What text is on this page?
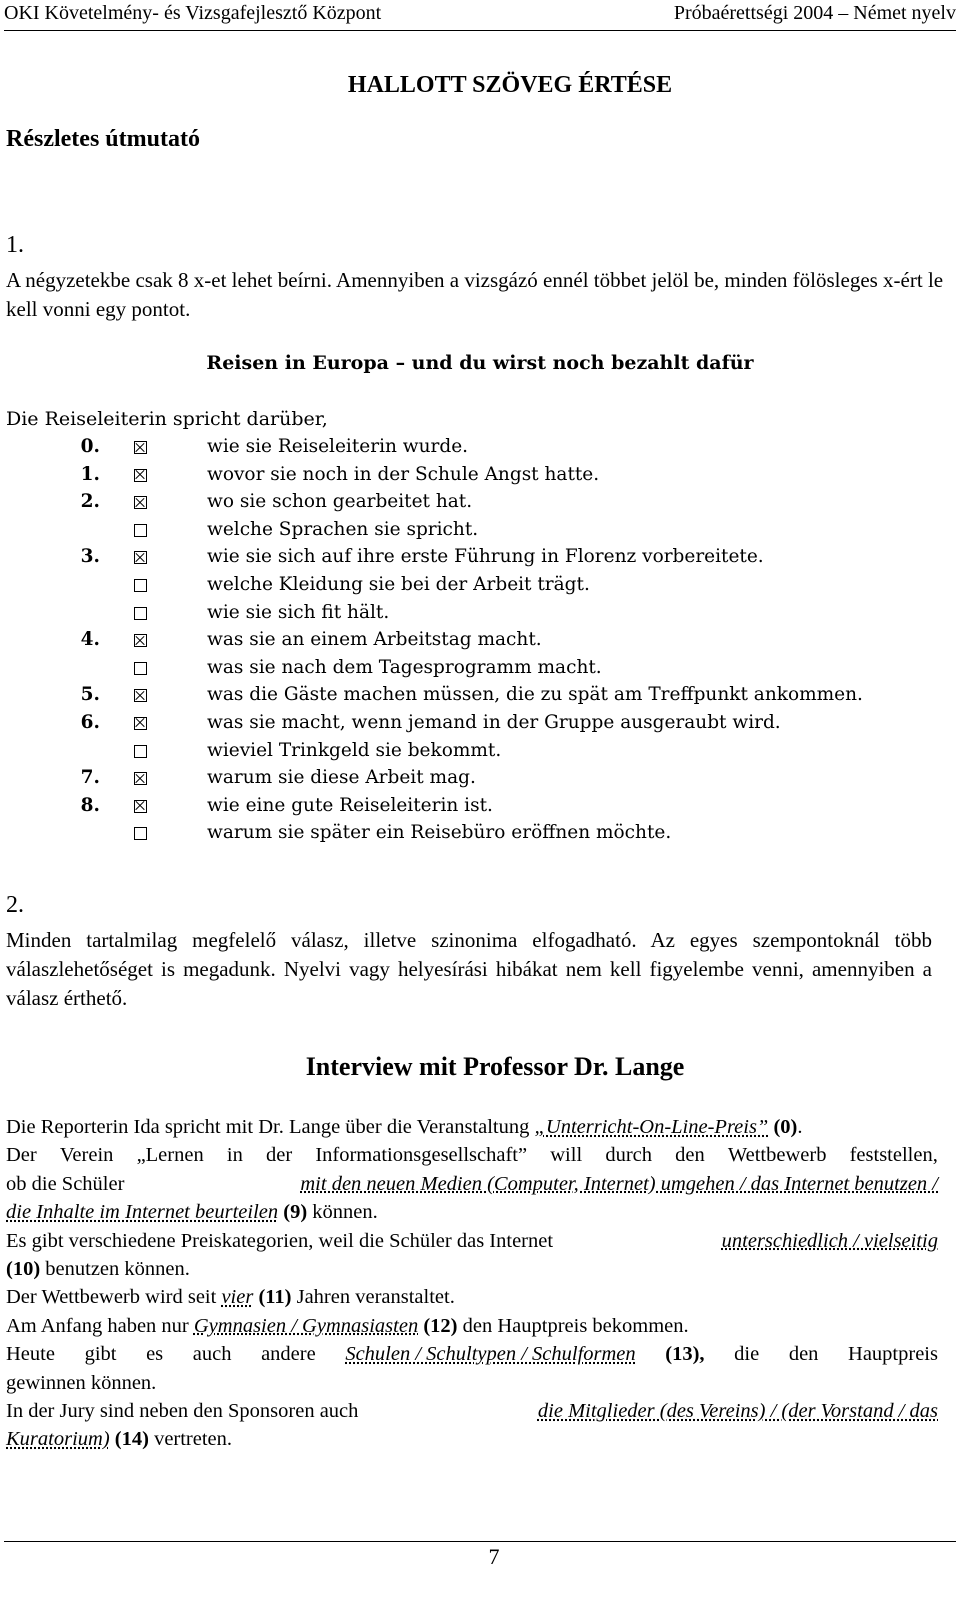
OKI Követelmény- és Vizsgafejlesztő Központ	Próbaérettségi 2004 – Német nyelv
HALLOTT SZÖVEG ÉRTÉSE
Részletes útmutató
1.
A négyzetekbe csak 8 x-et lehet beírni. Amennyiben a vizsgázó ennél többet jelöl be, minden fölösleges x-ért le kell vonni egy pontot.
Reisen in Europa – und du wirst noch bezahlt dafür
Die Reiseleiterin spricht darüber,
0.	wie sie Reiseleiterin wurde.
1.	wovor sie noch in der Schule Angst hatte.
2.	wo sie schon gearbeitet hat.
welche Sprachen sie spricht.
3.	wie sie sich auf ihre erste Führung in Florenz vorbereitete.
welche Kleidung sie bei der Arbeit trägt.
wie sie sich fit hält.
4.	was sie an einem Arbeitstag macht.
was sie nach dem Tagesprogramm macht.
5.	was die Gäste machen müssen, die zu spät am Treffpunkt ankommen.
6.	was sie macht, wenn jemand in der Gruppe ausgeraubt wird.
wieviel Trinkgeld sie bekommt.
7.	warum sie diese Arbeit mag.
8.	wie eine gute Reiseleiterin ist.
warum sie später ein Reisebüro eröffnen möchte.
2.
Minden tartalmilag megfelelő válasz, illetve szinonima elfogadható. Az egyes szempontoknál több válaszlehetőséget is megadunk. Nyelvi vagy helyesírási hibákat nem kell figyelembe venni, amennyiben a válasz érthető.
Interview mit Professor Dr. Lange
Die Reporterin Ida spricht mit Dr. Lange über die Veranstaltung „Unterricht-On-Line-Preis” (0).
Der Verein „Lernen in der Informationsgesellschaft” will durch den Wettbewerb feststellen,
ob die Schüler	mit den neuen Medien (Computer, Internet) umgehen / das Internet benutzen /
die Inhalte im Internet beurteilen (9) können.
Es gibt verschiedene Preiskategorien, weil die Schüler das Internet	unterschiedlich / vielseitig
(10) benutzen können.
Der Wettbewerb wird seit vier (11) Jahren veranstaltet.
Am Anfang haben nur Gymnasien / Gymnasiasten (12) den Hauptpreis bekommen.
Heute gibt es auch andere Schulen / Schultypen / Schulformen (13), die den Hauptpreis
gewinnen können.
In der Jury sind neben den Sponsoren auch	die Mitglieder (des Vereins) / (der Vorstand / das
Kuratorium) (14) vertreten.
7
